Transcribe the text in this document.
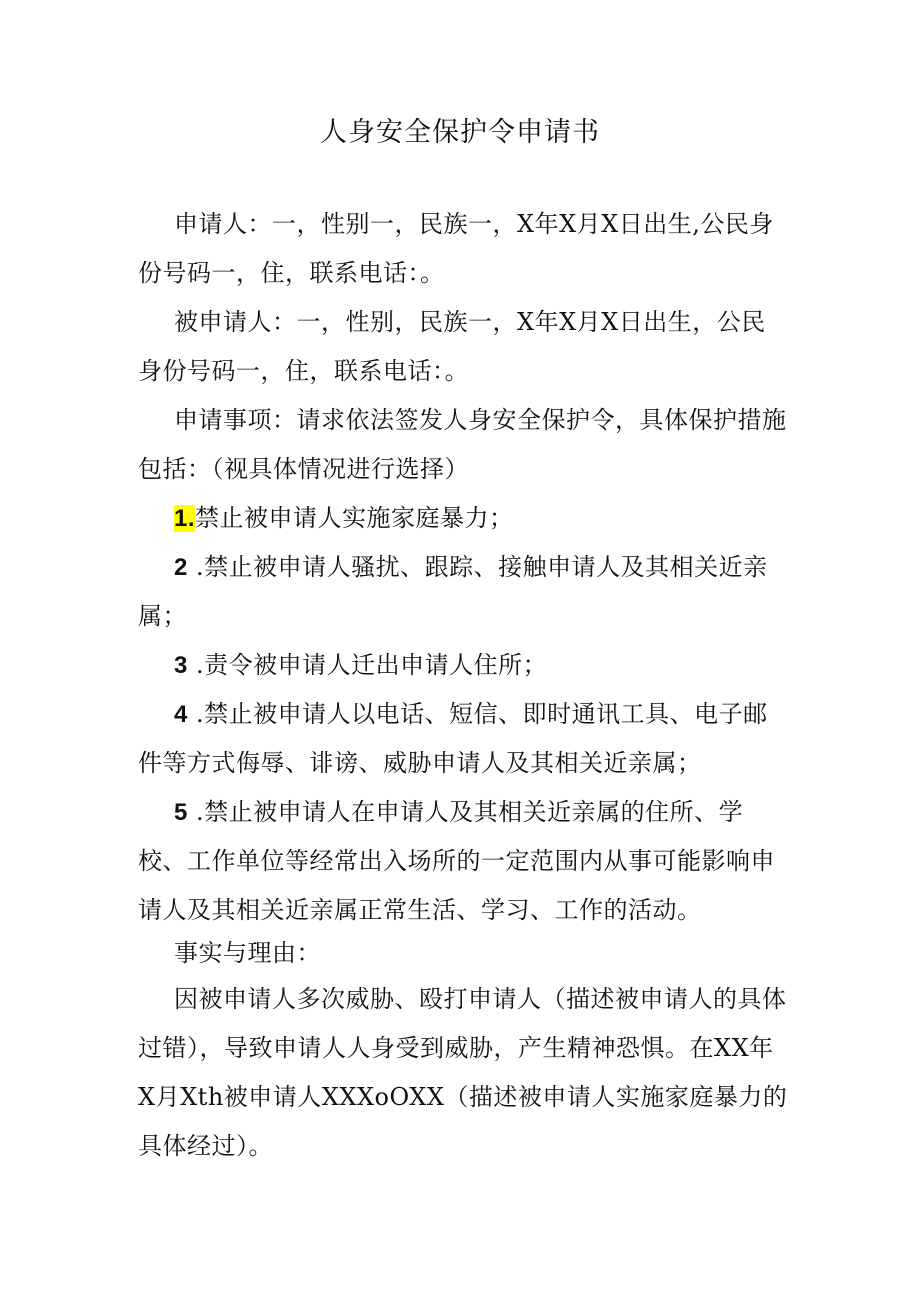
人身安全保护令申请书
申请人：一，性别一，民族一，X年X月X日出生,公民身份号码一，住，联系电话：。
被申请人：一，性别，民族一，X年X月X日出生，公民身份号码一，住，联系电话：。
申请事项：请求依法签发人身安全保护令，具体保护措施包括：（视具体情况进行选择）
1.禁止被申请人实施家庭暴力；
2 .禁止被申请人骚扰、跟踪、接触申请人及其相关近亲属；
3 .责令被申请人迁出申请人住所；
4 .禁止被申请人以电话、短信、即时通讯工具、电子邮件等方式侮辱、诽谤、威胁申请人及其相关近亲属；
5 .禁止被申请人在申请人及其相关近亲属的住所、学校、工作单位等经常出入场所的一定范围内从事可能影响申请人及其相关近亲属正常生活、学习、工作的活动。
事实与理由：
因被申请人多次威胁、殴打申请人（描述被申请人的具体过错），导致申请人人身受到威胁，产生精神恐惧。在XX年X月Xth被申请人XXXoOXX（描述被申请人实施家庭暴力的具体经过）。
